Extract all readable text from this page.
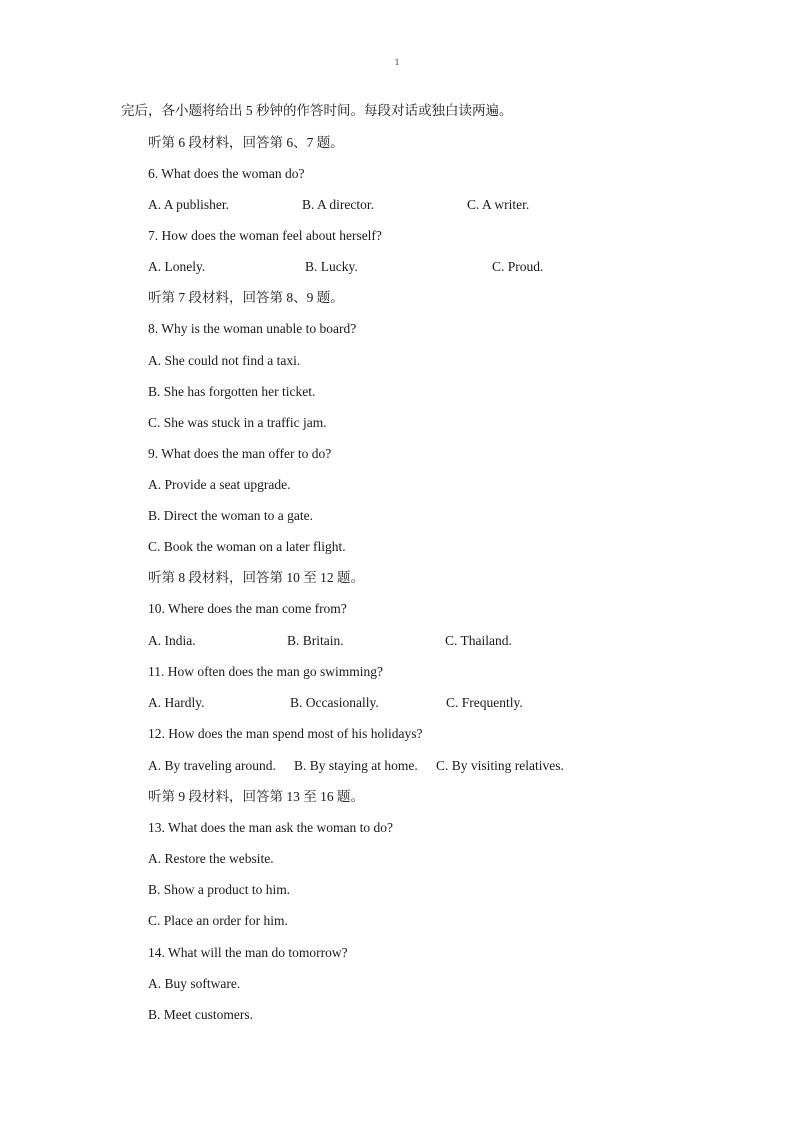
1
完后，各小题将给出 5 秒钟的作答时间。每段对话或独白读两遍。
听第 6 段材料，回答第 6、7 题。
6. What does the woman do?
A. A publisher.	B. A director.	C. A writer.
7. How does the woman feel about herself?
A. Lonely.	B. Lucky.	C. Proud.
听第 7 段材料，回答第 8、9 题。
8. Why is the woman unable to board?
A. She could not find a taxi.
B. She has forgotten her ticket.
C. She was stuck in a traffic jam.
9. What does the man offer to do?
A. Provide a seat upgrade.
B. Direct the woman to a gate.
C. Book the woman on a later flight.
听第 8 段材料，回答第 10 至 12 题。
10. Where does the man come from?
A. India.	B. Britain.	C. Thailand.
11. How often does the man go swimming?
A. Hardly.	B. Occasionally.	C. Frequently.
12. How does the man spend most of his holidays?
A. By traveling around. B. By staying at home. C. By visiting relatives.
听第 9 段材料，回答第 13 至 16 题。
13. What does the man ask the woman to do?
A. Restore the website.
B. Show a product to him.
C. Place an order for him.
14. What will the man do tomorrow?
A. Buy software.
B. Meet customers.
